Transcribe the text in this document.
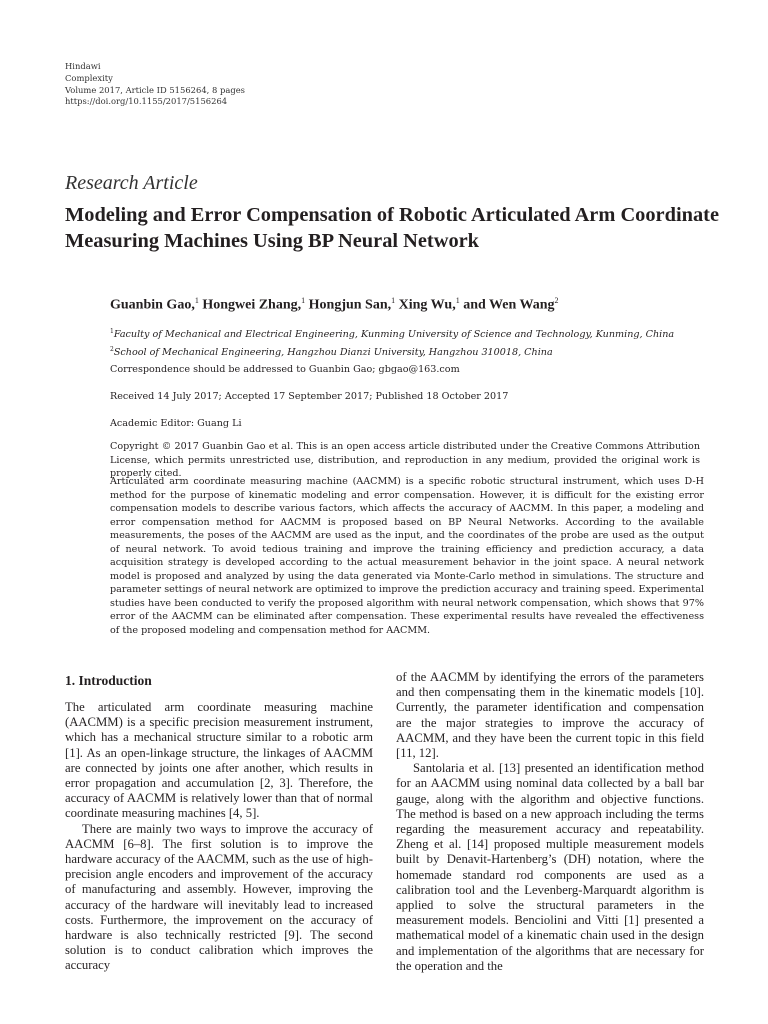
Hindawi
Complexity
Volume 2017, Article ID 5156264, 8 pages
https://doi.org/10.1155/2017/5156264
Research Article
Modeling and Error Compensation of Robotic Articulated Arm Coordinate Measuring Machines Using BP Neural Network
Guanbin Gao,$^1$ Hongwei Zhang,$^1$ Hongjun San,$^1$ Xing Wu,$^1$ and Wen Wang$^2$
$^1$Faculty of Mechanical and Electrical Engineering, Kunming University of Science and Technology, Kunming, China
$^2$School of Mechanical Engineering, Hangzhou Dianzi University, Hangzhou 310018, China
Correspondence should be addressed to Guanbin Gao; gbgao@163.com
Received 14 July 2017; Accepted 17 September 2017; Published 18 October 2017
Academic Editor: Guang Li
Copyright © 2017 Guanbin Gao et al. This is an open access article distributed under the Creative Commons Attribution License, which permits unrestricted use, distribution, and reproduction in any medium, provided the original work is properly cited.

Articulated arm coordinate measuring machine (AACMM) is a specific robotic structural instrument, which uses D-H method for the purpose of kinematic modeling and error compensation. However, it is difficult for the existing error compensation models to describe various factors, which affects the accuracy of AACMM. In this paper, a modeling and error compensation method for AACMM is proposed based on BP Neural Networks. According to the available measurements, the poses of the AACMM are used as the input, and the coordinates of the probe are used as the output of neural network. To avoid tedious training and improve the training efficiency and prediction accuracy, a data acquisition strategy is developed according to the actual measurement behavior in the joint space. A neural network model is proposed and analyzed by using the data generated via Monte-Carlo method in simulations. The structure and parameter settings of neural network are optimized to improve the prediction accuracy and training speed. Experimental studies have been conducted to verify the proposed algorithm with neural network compensation, which shows that 97% error of the AACMM can be eliminated after compensation. These experimental results have revealed the effectiveness of the proposed modeling and compensation method for AACMM.

1. Introduction

The articulated arm coordinate measuring machine (AACMM) is a specific precision measurement instrument, which has a mechanical structure similar to a robotic arm [1]. As an open-linkage structure, the linkages of AACMM are connected by joints one after another, which results in error propagation and accumulation [2, 3]. Therefore, the accuracy of AACMM is relatively lower than that of normal coordinate measuring machines [4, 5].

There are mainly two ways to improve the accuracy of AACMM [6–8]. The first solution is to improve the hardware accuracy of the AACMM, such as the use of high-precision angle encoders and improvement of the accuracy of manufacturing and assembly. However, improving the accuracy of the hardware will inevitably lead to increased costs. Furthermore, the improvement on the accuracy of hardware is also technically restricted [9]. The second solution is to conduct calibration which improves the accuracy

of the AACMM by identifying the errors of the parameters and then compensating them in the kinematic models [10]. Currently, the parameter identification and compensation are the major strategies to improve the accuracy of AACMM, and they have been the current topic in this field [11, 12].

Santolaria et al. [13] presented an identification method for an AACMM using nominal data collected by a ball bar gauge, along with the algorithm and objective functions. The method is based on a new approach including the terms regarding the measurement accuracy and repeatability. Zheng et al. [14] proposed multiple measurement models built by Denavit-Hartenberg’s (DH) notation, where the homemade standard rod components are used as a calibration tool and the Levenberg-Marquardt algorithm is applied to solve the structural parameters in the measurement models. Benciolini and Vitti [1] presented a mathematical model of a kinematic chain used in the design and implementation of the algorithms that are necessary for the operation and the
